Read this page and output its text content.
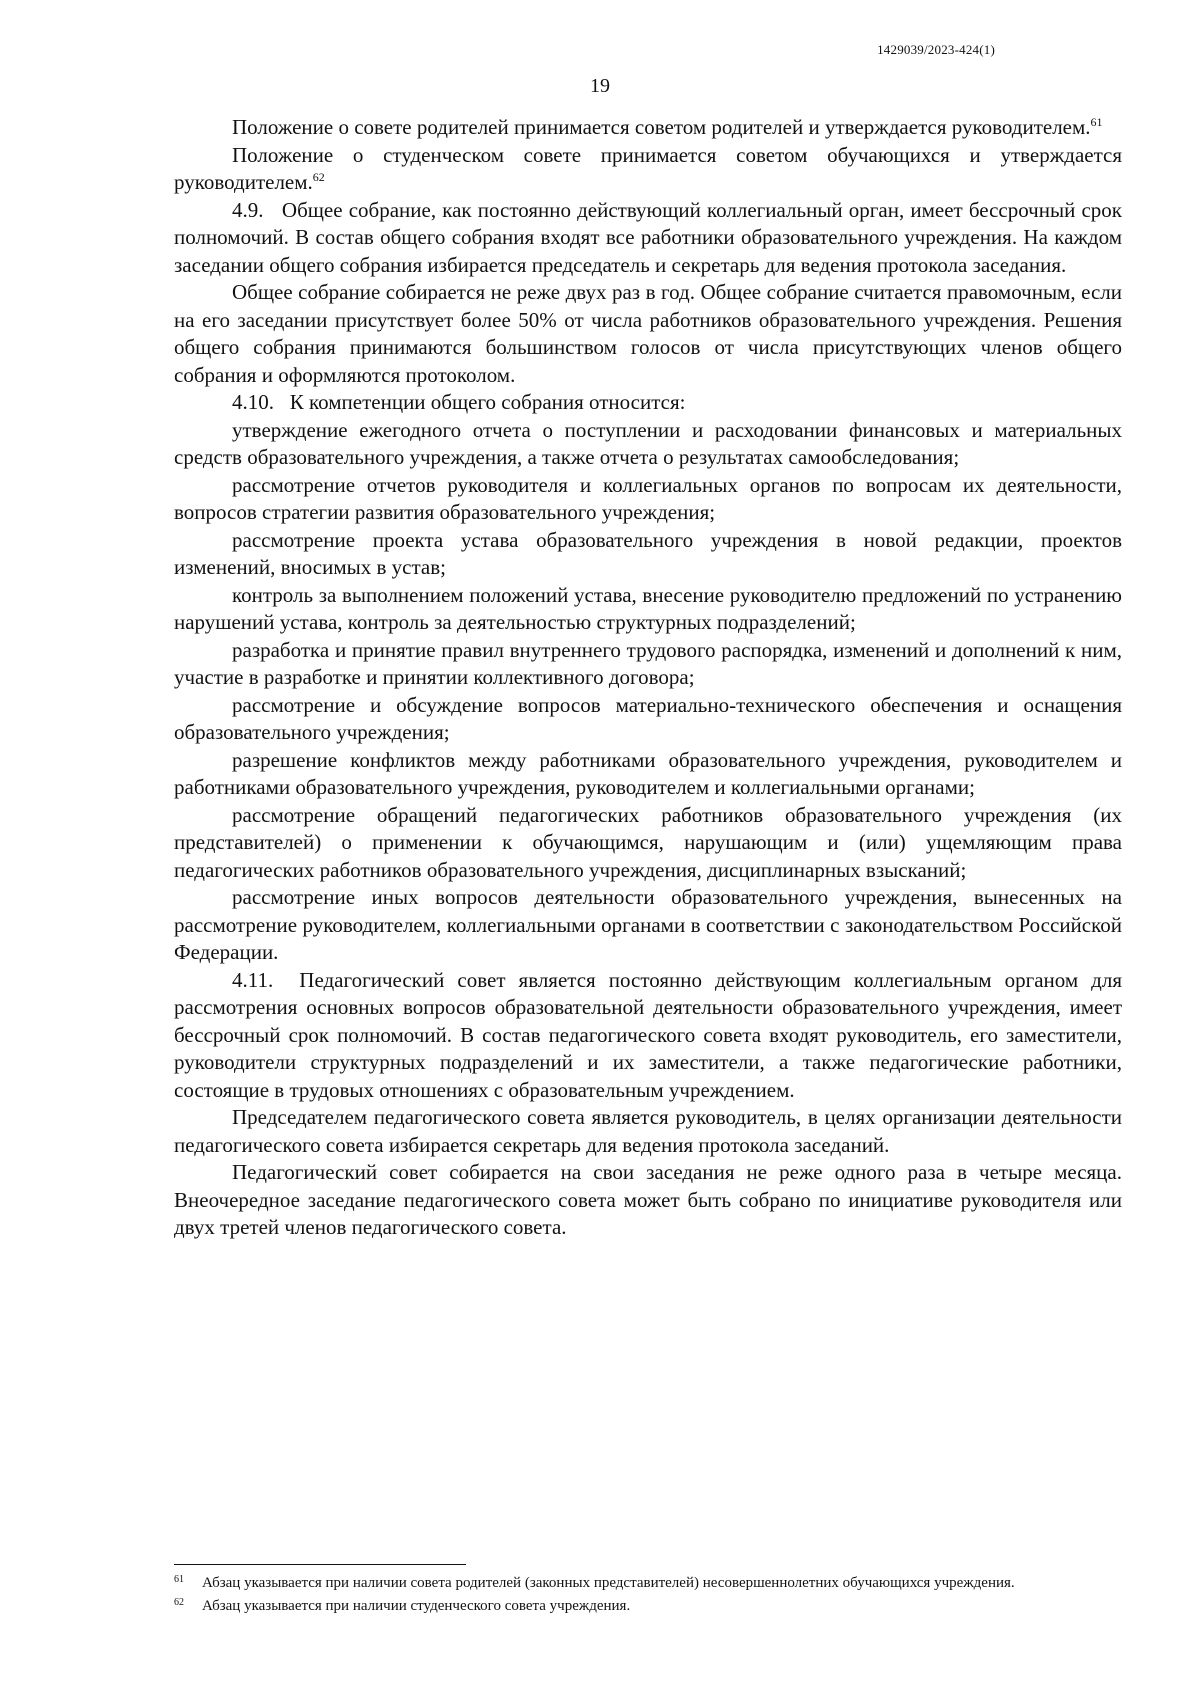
1429039/2023-424(1)
19

Положение о совете родителей принимается советом родителей и утверждается руководителем.$^{61}$

Положение о студенческом совете принимается советом обучающихся и утверждается руководителем.$^{62}$

4.9.   Общее собрание, как постоянно действующий коллегиальный орган, имеет бессрочный срок полномочий. В состав общего собрания входят все работники образовательного учреждения. На каждом заседании общего собрания избирается председатель и секретарь для ведения протокола заседания.

Общее собрание собирается не реже двух раз в год. Общее собрание считается правомочным, если на его заседании присутствует более 50% от числа работников образовательного учреждения. Решения общего собрания принимаются большинством голосов от числа присутствующих членов общего собрания и оформляются протоколом.

4.10.   К компетенции общего собрания относится:

утверждение ежегодного отчета о поступлении и расходовании финансовых и материальных средств образовательного учреждения, а также отчета о результатах самообследования;

рассмотрение отчетов руководителя и коллегиальных органов по вопросам их деятельности, вопросов стратегии развития образовательного учреждения;

рассмотрение проекта устава образовательного учреждения в новой редакции, проектов изменений, вносимых в устав;

контроль за выполнением положений устава, внесение руководителю предложений по устранению нарушений устава, контроль за деятельностью структурных подразделений;

разработка и принятие правил внутреннего трудового распорядка, изменений и дополнений к ним, участие в разработке и принятии коллективного договора;

рассмотрение и обсуждение вопросов материально-технического обеспечения и оснащения образовательного учреждения;

разрешение конфликтов между работниками образовательного учреждения, руководителем и работниками образовательного учреждения, руководителем и коллегиальными органами;

рассмотрение обращений педагогических работников образовательного учреждения (их представителей) о применении к обучающимся, нарушающим и (или) ущемляющим права педагогических работников образовательного учреждения, дисциплинарных взысканий;

рассмотрение иных вопросов деятельности образовательного учреждения, вынесенных на рассмотрение руководителем, коллегиальными органами в соответствии с законодательством Российской Федерации.

4.11.  Педагогический совет является постоянно действующим коллегиальным органом для рассмотрения основных вопросов образовательной деятельности образовательного учреждения, имеет бессрочный срок полномочий. В состав педагогического совета входят руководитель, его заместители, руководители структурных подразделений и их заместители, а также педагогические работники, состоящие в трудовых отношениях с образовательным учреждением.

Председателем педагогического совета является руководитель, в целях организации деятельности педагогического совета избирается секретарь для ведения протокола заседаний.

Педагогический совет собирается на свои заседания не реже одного раза в четыре месяца. Внеочередное заседание педагогического совета может быть собрано по инициативе руководителя или двух третей членов педагогического совета.

61 Абзац указывается при наличии совета родителей (законных представителей) несовершеннолетних обучающихся учреждения.
62 Абзац указывается при наличии студенческого совета учреждения.
